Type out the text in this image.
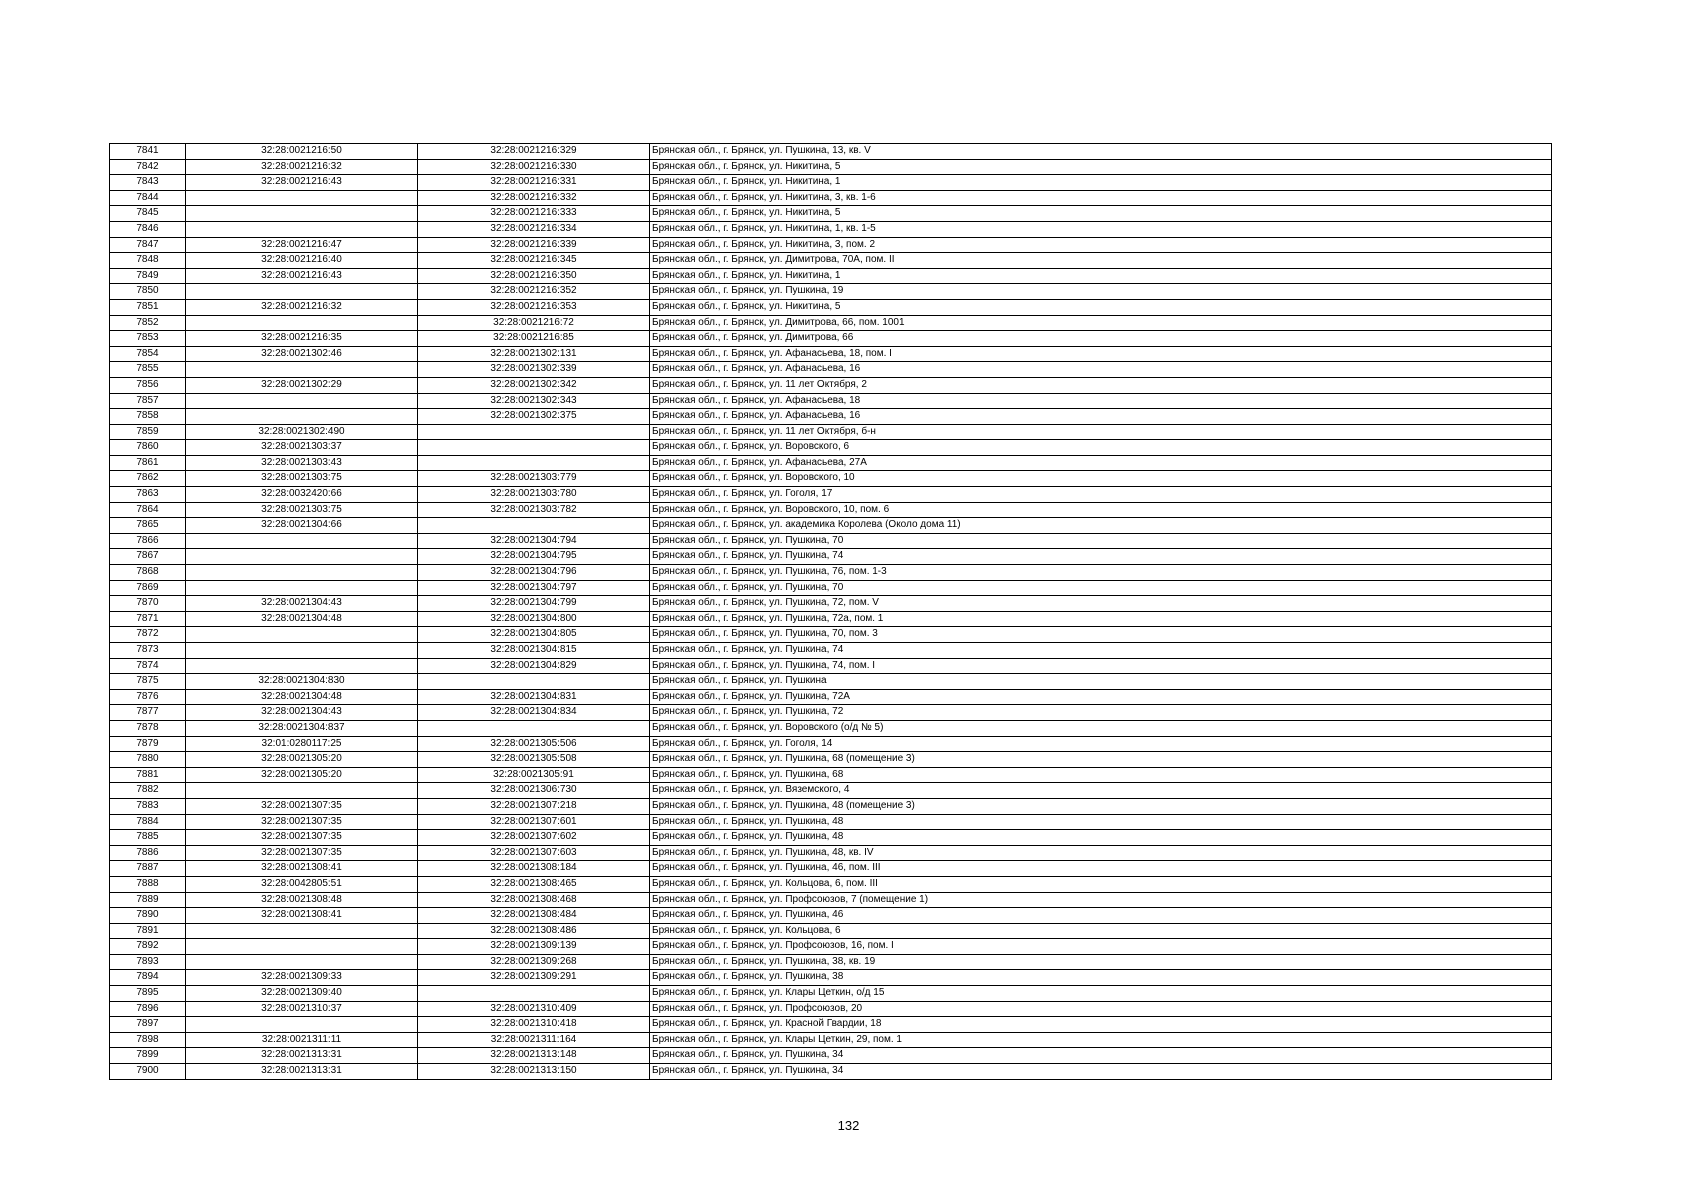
7841	32:28:0021216:50	32:28:0021216:329	Брянская обл., г. Брянск, ул. Пушкина, 13, кв. V
7842	32:28:0021216:32	32:28:0021216:330	Брянская обл., г. Брянск, ул. Никитина, 5
7843	32:28:0021216:43	32:28:0021216:331	Брянская обл., г. Брянск, ул. Никитина, 1
7844		32:28:0021216:332	Брянская обл., г. Брянск, ул. Никитина, 3, кв. 1-6
7845		32:28:0021216:333	Брянская обл., г. Брянск, ул. Никитина, 5
7846		32:28:0021216:334	Брянская обл., г. Брянск, ул. Никитина, 1, кв. 1-5
7847	32:28:0021216:47	32:28:0021216:339	Брянская обл., г. Брянск, ул. Никитина, 3, пом. 2
7848	32:28:0021216:40	32:28:0021216:345	Брянская обл., г. Брянск, ул. Димитрова, 70А, пом. II
7849	32:28:0021216:43	32:28:0021216:350	Брянская обл., г. Брянск, ул. Никитина, 1
7850		32:28:0021216:352	Брянская обл., г. Брянск, ул. Пушкина, 19
7851	32:28:0021216:32	32:28:0021216:353	Брянская обл., г. Брянск, ул. Никитина, 5
7852		32:28:0021216:72	Брянская обл., г. Брянск, ул. Димитрова, 66, пом. 1001
7853	32:28:0021216:35	32:28:0021216:85	Брянская обл., г. Брянск, ул. Димитрова, 66
7854	32:28:0021302:46	32:28:0021302:131	Брянская обл., г. Брянск, ул. Афанасьева, 18, пом. I
7855		32:28:0021302:339	Брянская обл., г. Брянск, ул. Афанасьева, 16
7856	32:28:0021302:29	32:28:0021302:342	Брянская обл., г. Брянск, ул. 11 лет Октября, 2
7857		32:28:0021302:343	Брянская обл., г. Брянск, ул. Афанасьева, 18
7858		32:28:0021302:375	Брянская обл., г. Брянск, ул. Афанасьева, 16
7859	32:28:0021302:490		Брянская обл., г. Брянск, ул. 11 лет Октября, б-н
7860	32:28:0021303:37		Брянская обл., г. Брянск, ул. Воровского, 6
7861	32:28:0021303:43		Брянская обл., г. Брянск, ул. Афанасьева, 27А
7862	32:28:0021303:75	32:28:0021303:779	Брянская обл., г. Брянск, ул. Воровского, 10
7863	32:28:0032420:66	32:28:0021303:780	Брянская обл., г. Брянск, ул. Гоголя, 17
7864	32:28:0021303:75	32:28:0021303:782	Брянская обл., г. Брянск, ул. Воровского, 10, пом. 6
7865	32:28:0021304:66		Брянская обл., г. Брянск, ул. академика Королева (Около дома 11)
7866		32:28:0021304:794	Брянская обл., г. Брянск, ул. Пушкина, 70
7867		32:28:0021304:795	Брянская обл., г. Брянск, ул. Пушкина, 74
7868		32:28:0021304:796	Брянская обл., г. Брянск, ул. Пушкина, 76, пом. 1-3
7869		32:28:0021304:797	Брянская обл., г. Брянск, ул. Пушкина, 70
7870	32:28:0021304:43	32:28:0021304:799	Брянская обл., г. Брянск, ул. Пушкина, 72, пом. V
7871	32:28:0021304:48	32:28:0021304:800	Брянская обл., г. Брянск, ул. Пушкина, 72а, пом. 1
7872		32:28:0021304:805	Брянская обл., г. Брянск, ул. Пушкина, 70, пом. 3
7873		32:28:0021304:815	Брянская обл., г. Брянск, ул. Пушкина, 74
7874		32:28:0021304:829	Брянская обл., г. Брянск, ул. Пушкина, 74, пом. I
7875	32:28:0021304:830		Брянская обл., г. Брянск, ул. Пушкина
7876	32:28:0021304:48	32:28:0021304:831	Брянская обл., г. Брянск, ул. Пушкина, 72А
7877	32:28:0021304:43	32:28:0021304:834	Брянская обл., г. Брянск, ул. Пушкина, 72
7878	32:28:0021304:837		Брянская обл., г. Брянск, ул. Воровского (о/д № 5)
7879	32:01:0280117:25	32:28:0021305:506	Брянская обл., г. Брянск, ул. Гоголя, 14
7880	32:28:0021305:20	32:28:0021305:508	Брянская обл., г. Брянск, ул. Пушкина, 68 (помещение 3)
7881	32:28:0021305:20	32:28:0021305:91	Брянская обл., г. Брянск, ул. Пушкина, 68
7882		32:28:0021306:730	Брянская обл., г. Брянск, ул. Вяземского, 4
7883	32:28:0021307:35	32:28:0021307:218	Брянская обл., г. Брянск, ул. Пушкина, 48 (помещение 3)
7884	32:28:0021307:35	32:28:0021307:601	Брянская обл., г. Брянск, ул. Пушкина, 48
7885	32:28:0021307:35	32:28:0021307:602	Брянская обл., г. Брянск, ул. Пушкина, 48
7886	32:28:0021307:35	32:28:0021307:603	Брянская обл., г. Брянск, ул. Пушкина, 48, кв. IV
7887	32:28:0021308:41	32:28:0021308:184	Брянская обл., г. Брянск, ул. Пушкина, 46, пом. III
7888	32:28:0042805:51	32:28:0021308:465	Брянская обл., г. Брянск, ул. Кольцова, 6, пом. III
7889	32:28:0021308:48	32:28:0021308:468	Брянская обл., г. Брянск, ул. Профсоюзов, 7 (помещение 1)
7890	32:28:0021308:41	32:28:0021308:484	Брянская обл., г. Брянск, ул. Пушкина, 46
7891		32:28:0021308:486	Брянская обл., г. Брянск, ул. Кольцова, 6
7892		32:28:0021309:139	Брянская обл., г. Брянск, ул. Профсоюзов, 16, пом. I
7893		32:28:0021309:268	Брянская обл., г. Брянск, ул. Пушкина, 38, кв. 19
7894	32:28:0021309:33	32:28:0021309:291	Брянская обл., г. Брянск, ул. Пушкина, 38
7895	32:28:0021309:40		Брянская обл., г. Брянск, ул. Клары Цеткин, о/д 15
7896	32:28:0021310:37	32:28:0021310:409	Брянская обл., г. Брянск, ул. Профсоюзов, 20
7897		32:28:0021310:418	Брянская обл., г. Брянск, ул. Красной Гвардии, 18
7898	32:28:0021311:11	32:28:0021311:164	Брянская обл., г. Брянск, ул. Клары Цеткин, 29, пом. 1
7899	32:28:0021313:31	32:28:0021313:148	Брянская обл., г. Брянск, ул. Пушкина, 34
7900	32:28:0021313:31	32:28:0021313:150	Брянская обл., г. Брянск, ул. Пушкина, 34
132
